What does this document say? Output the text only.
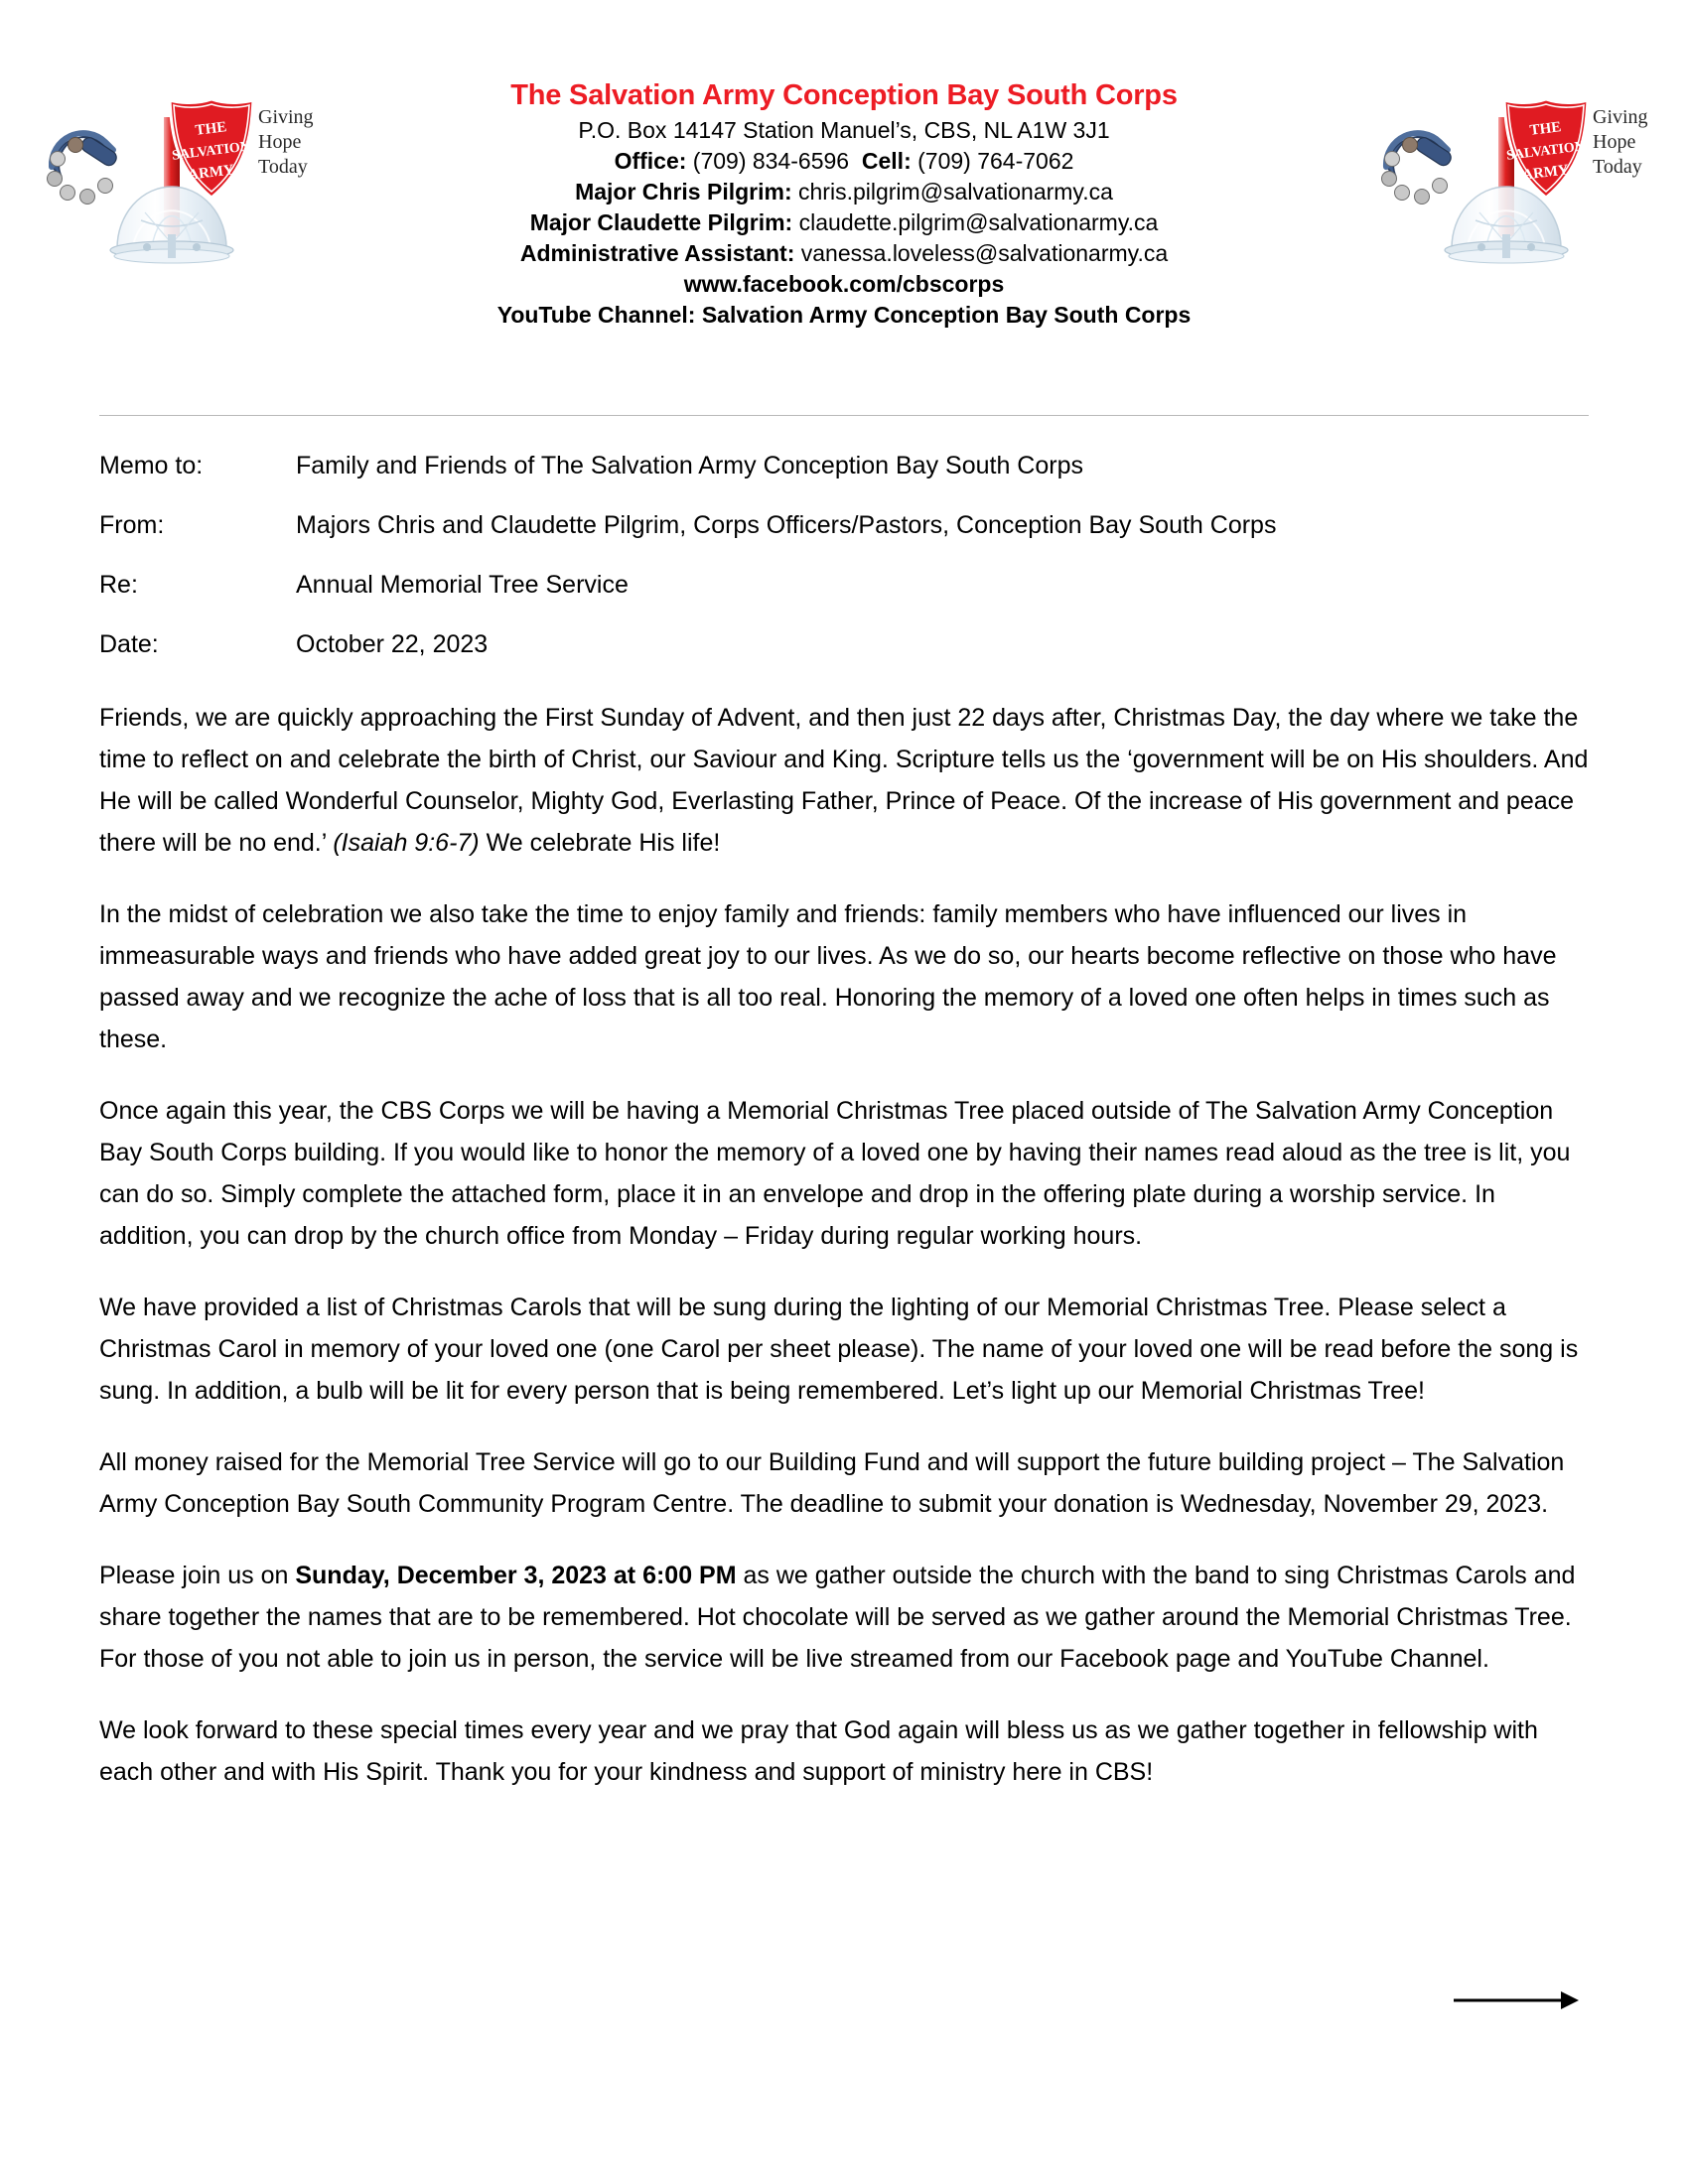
THE
SALVATION
ARMY
Giving
Hope
Today
THE
SALVATION
ARMY
Giving
Hope
Today
The Salvation Army Conception Bay South Corps
P.O. Box 14147 Station Manuel’s, CBS, NL A1W 3J1
Office: (709) 834-6596 Cell: (709) 764-7062
Major Chris Pilgrim: chris.pilgrim@salvationarmy.ca
Major Claudette Pilgrim: claudette.pilgrim@salvationarmy.ca
Administrative Assistant: vanessa.loveless@salvationarmy.ca
www.facebook.com/cbscorps
YouTube Channel: Salvation Army Conception Bay South Corps
Memo to:	Family and Friends of The Salvation Army Conception Bay South Corps
From:	Majors Chris and Claudette Pilgrim, Corps Officers/Pastors, Conception Bay South Corps
Re:	Annual Memorial Tree Service
Date:	October 22, 2023

Friends, we are quickly approaching the First Sunday of Advent, and then just 22 days after, Christmas Day, the day where we take the time to reflect on and celebrate the birth of Christ, our Saviour and King. Scripture tells us the ‘government will be on His shoulders. And He will be called Wonderful Counselor, Mighty God, Everlasting Father, Prince of Peace. Of the increase of His government and peace there will be no end.’ (Isaiah 9:6-7) We celebrate His life!

In the midst of celebration we also take the time to enjoy family and friends: family members who have influenced our lives in immeasurable ways and friends who have added great joy to our lives. As we do so, our hearts become reflective on those who have passed away and we recognize the ache of loss that is all too real. Honoring the memory of a loved one often helps in times such as these.

Once again this year, the CBS Corps we will be having a Memorial Christmas Tree placed outside of The Salvation Army Conception Bay South Corps building. If you would like to honor the memory of a loved one by having their names read aloud as the tree is lit, you can do so. Simply complete the attached form, place it in an envelope and drop in the offering plate during a worship service. In addition, you can drop by the church office from Monday – Friday during regular working hours.

We have provided a list of Christmas Carols that will be sung during the lighting of our Memorial Christmas Tree. Please select a Christmas Carol in memory of your loved one (one Carol per sheet please). The name of your loved one will be read before the song is sung. In addition, a bulb will be lit for every person that is being remembered. Let’s light up our Memorial Christmas Tree!

All money raised for the Memorial Tree Service will go to our Building Fund and will support the future building project – The Salvation Army Conception Bay South Community Program Centre. The deadline to submit your donation is Wednesday, November 29, 2023.

Please join us on Sunday, December 3, 2023 at 6:00 PM as we gather outside the church with the band to sing Christmas Carols and share together the names that are to be remembered. Hot chocolate will be served as we gather around the Memorial Christmas Tree. For those of you not able to join us in person, the service will be live streamed from our Facebook page and YouTube Channel.

We look forward to these special times every year and we pray that God again will bless us as we gather together in fellowship with each other and with His Spirit. Thank you for your kindness and support of ministry here in CBS!
